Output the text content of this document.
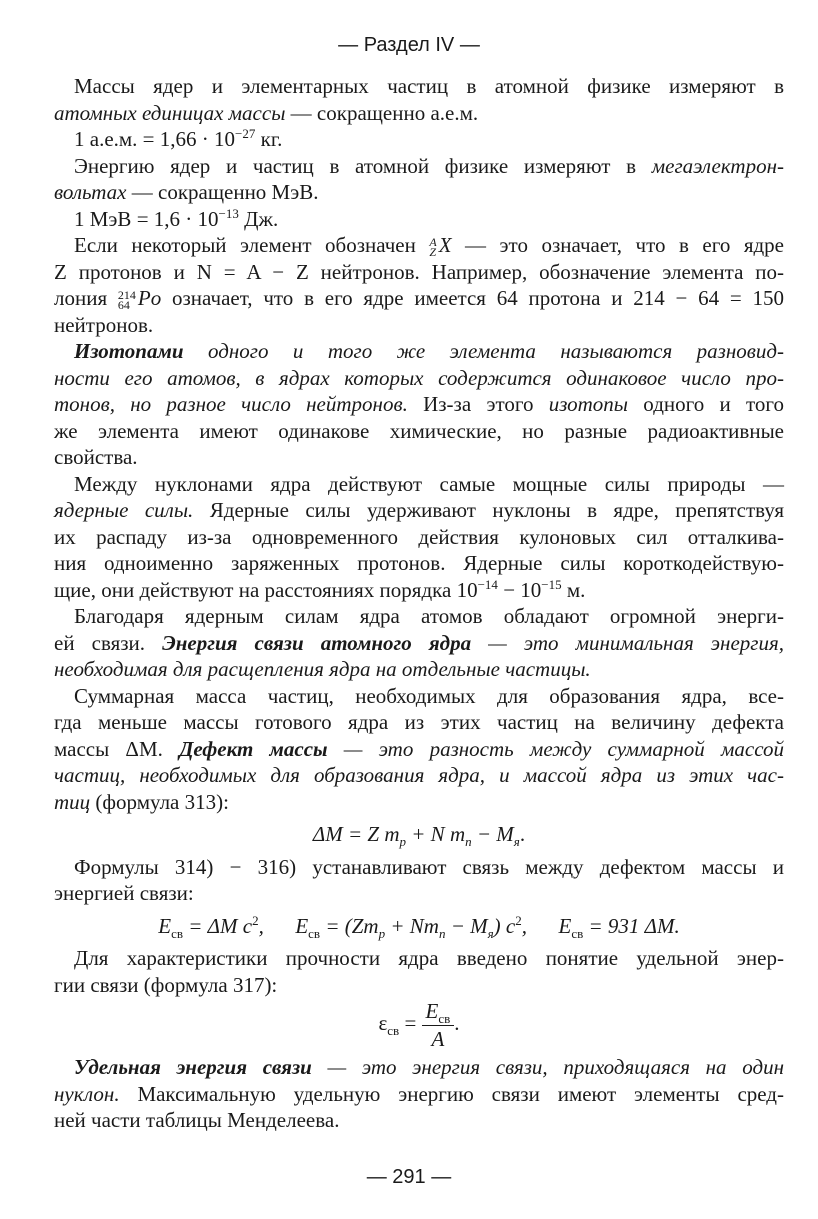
— Раздел IV —
Массы ядер и элементарных частиц в атомной физике измеряют в
атомных единицах массы — сокращенно а.е.м.
1 а.е.м. = $1,66 \cdot 10^{-27}$ кг.
Энергию ядер и частиц в атомной физике измеряют в мегаэлектрон-
вольтах — сокращенно МэВ.
1 МэВ = $1,6 \cdot 10^{-13}$ Дж.
Если некоторый элемент обозначен A
Z X — это означает, что в его ядре
Z протонов и N = A − Z нейтронов. Например, обозначение элемента по-
лония 214
64 Po означает, что в его ядре имеется 64 протона и 214 − 64 = 150
нейтронов.
Изотопами одного и того же элемента называются разновид-
ности его атомов, в ядрах которых содержится одинаковое число про-
тонов, но разное число нейтронов. Из-за этого изотопы одного и того
же элемента имеют одинакове химические, но разные радиоактивные
свойства.
Между нуклонами ядра действуют самые мощные силы природы —
ядерные силы. Ядерные силы удерживают нуклоны в ядре, препятствуя
их распаду из-за одновременного действия кулоновых сил отталкива-
ния одноименно заряженных протонов. Ядерные силы короткодействую-
щие, они действуют на расстояниях порядка $10^{-14} - 10^{-15}$ м.
Благодаря ядерным силам ядра атомов обладают огромной энерги-
ей связи. Энергия связи атомного ядра — это минимальная энергия,
необходимая для расщепления ядра на отдельные частицы.
Суммарная масса частиц, необходимых для образования ядра, все-
гда меньше массы готового ядра из этих частиц на величину дефекта
массы ΔM. Дефект массы — это разность между суммарной массой
частиц, необходимых для образования ядра, и массой ядра из этих час-
тиц (формула 313):
ΔM = Z $m_p + N$ $m_n - M_я$.
Формулы 314) − 316) устанавливают связь между дефектом массы и
энергией связи:
$E_{св} = \Delta M$ $c^2$,      $E_{св} = (Zm_p + Nm_n - M_я)$ $c^2$,      $E_{св} = 931$ ΔM.
Для характеристики прочности ядра введено понятие удельной энер-
гии связи (формула 317):
$\varepsilon_{св} = \frac{E_{св}}{A}$ .
Удельная энергия связи — это энергия связи, приходящаяся на один
нуклон. Максимальную удельную энергию связи имеют элементы сред-
ней части таблицы Менделеева.
— 291 —
